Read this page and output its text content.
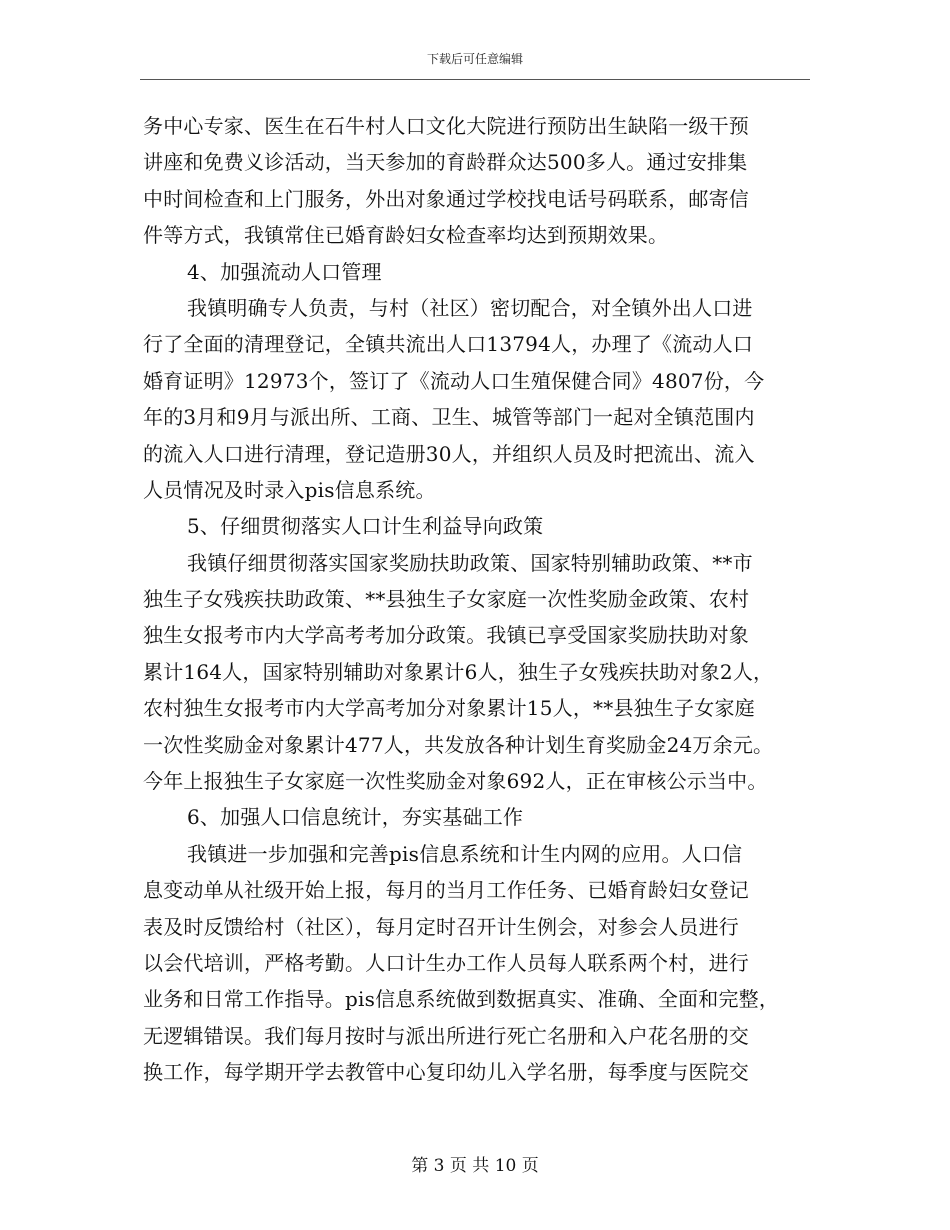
下载后可任意编辑
务中心专家、医生在石牛村人口文化大院进行预防出生缺陷一级干预
讲座和免费义诊活动，当天参加的育龄群众达500多人。通过安排集
中时间检查和上门服务，外出对象通过学校找电话号码联系，邮寄信
件等方式，我镇常住已婚育龄妇女检查率均达到预期效果。
4、加强流动人口管理
我镇明确专人负责，与村（社区）密切配合，对全镇外出人口进
行了全面的清理登记，全镇共流出人口13794人，办理了《流动人口
婚育证明》12973个，签订了《流动人口生殖保健合同》4807份，今
年的3月和9月与派出所、工商、卫生、城管等部门一起对全镇范围内
的流入人口进行清理，登记造册30人，并组织人员及时把流出、流入
人员情况及时录入pis信息系统。
5、仔细贯彻落实人口计生利益导向政策
我镇仔细贯彻落实国家奖励扶助政策、国家特别辅助政策、**市
独生子女残疾扶助政策、**县独生子女家庭一次性奖励金政策、农村
独生女报考市内大学高考考加分政策。我镇已享受国家奖励扶助对象
累计164人，国家特别辅助对象累计6人，独生子女残疾扶助对象2人，
农村独生女报考市内大学高考加分对象累计15人，**县独生子女家庭
一次性奖励金对象累计477人，共发放各种计划生育奖励金24万余元。
今年上报独生子女家庭一次性奖励金对象692人，正在审核公示当中。
6、加强人口信息统计，夯实基础工作
我镇进一步加强和完善pis信息系统和计生内网的应用。人口信
息变动单从社级开始上报，每月的当月工作任务、已婚育龄妇女登记
表及时反馈给村（社区），每月定时召开计生例会，对参会人员进行
以会代培训，严格考勤。人口计生办工作人员每人联系两个村，进行
业务和日常工作指导。pis信息系统做到数据真实、准确、全面和完整，
无逻辑错误。我们每月按时与派出所进行死亡名册和入户花名册的交
换工作，每学期开学去教管中心复印幼儿入学名册，每季度与医院交
第 3 页 共 10 页
